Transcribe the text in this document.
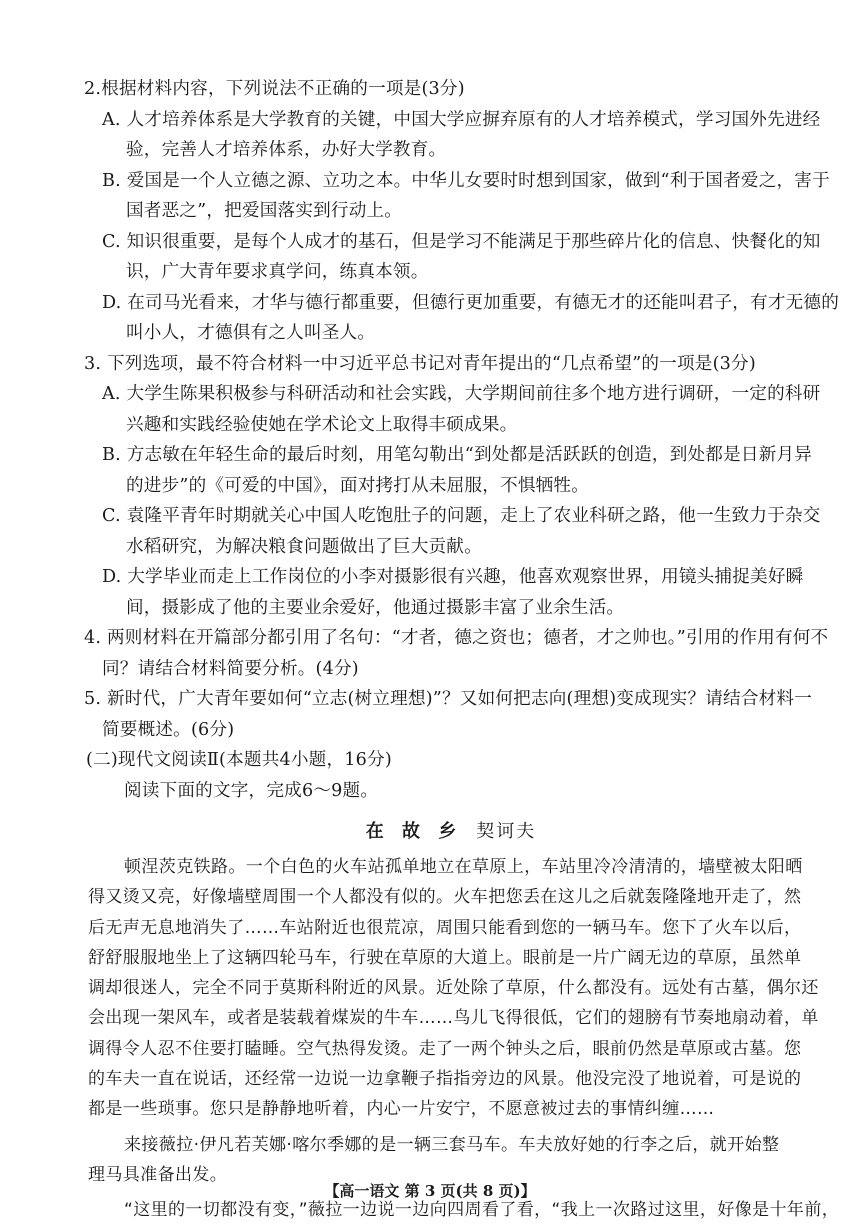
2.根据材料内容，下列说法不正确的一项是(3分)
A. 人才培养体系是大学教育的关键，中国大学应摒弃原有的人才培养模式，学习国外先进经
验，完善人才培养体系，办好大学教育。
B. 爱国是一个人立德之源、立功之本。中华儿女要时时想到国家，做到“利于国者爱之，害于
国者恶之”，把爱国落实到行动上。
C. 知识很重要，是每个人成才的基石，但是学习不能满足于那些碎片化的信息、快餐化的知
识，广大青年要求真学问，练真本领。
D. 在司马光看来，才华与德行都重要，但德行更加重要，有德无才的还能叫君子，有才无德的
叫小人，才德俱有之人叫圣人。
3. 下列选项，最不符合材料一中习近平总书记对青年提出的“几点希望”的一项是(3分)
A. 大学生陈果积极参与科研活动和社会实践，大学期间前往多个地方进行调研，一定的科研
兴趣和实践经验使她在学术论文上取得丰硕成果。
B. 方志敏在年轻生命的最后时刻，用笔勾勒出“到处都是活跃跃的创造，到处都是日新月异
的进步”的《可爱的中国》，面对拷打从未屈服，不惧牺牲。
C. 袁隆平青年时期就关心中国人吃饱肚子的问题，走上了农业科研之路，他一生致力于杂交
水稻研究，为解决粮食问题做出了巨大贡献。
D. 大学毕业而走上工作岗位的小李对摄影很有兴趣，他喜欢观察世界，用镜头捕捉美好瞬
间，摄影成了他的主要业余爱好，他通过摄影丰富了业余生活。
4. 两则材料在开篇部分都引用了名句：“才者，德之资也；德者，才之帅也。”引用的作用有何不
同？请结合材料简要分析。(4分)
5. 新时代，广大青年要如何“立志(树立理想)”？又如何把志向(理想)变成现实？请结合材料一
简要概述。(6分)
(二)现代文阅读Ⅱ(本题共4小题，16分)
阅读下面的文字，完成6～9题。
在 故 乡 契诃夫
顿涅茨克铁路。一个白色的火车站孤单地立在草原上，车站里冷冷清清的，墙壁被太阳晒
得又烫又亮，好像墙壁周围一个人都没有似的。火车把您丢在这儿之后就轰隆隆地开走了，然
后无声无息地消失了……车站附近也很荒凉，周围只能看到您的一辆马车。您下了火车以后，
舒舒服服地坐上了这辆四轮马车，行驶在草原的大道上。眼前是一片广阔无边的草原，虽然单
调却很迷人，完全不同于莫斯科附近的风景。近处除了草原，什么都没有。远处有古墓，偶尔还
会出现一架风车，或者是装载着煤炭的牛车……鸟儿飞得很低，它们的翅膀有节奏地扇动着，单
调得令人忍不住要打瞌睡。空气热得发烫。走了一两个钟头之后，眼前仍然是草原或古墓。您
的车夫一直在说话，还经常一边说一边拿鞭子指指旁边的风景。他没完没了地说着，可是说的
都是一些琐事。您只是静静地听着，内心一片安宁，不愿意被过去的事情纠缠……
来接薇拉·伊凡若芙娜·喀尔季娜的是一辆三套马车。车夫放好她的行李之后，就开始整
理马具准备出发。
“这里的一切都没有变，”薇拉一边说一边向四周看了看，“我上一次路过这里，好像是十年前，
【高一语文 第 3 页(共 8 页)】
